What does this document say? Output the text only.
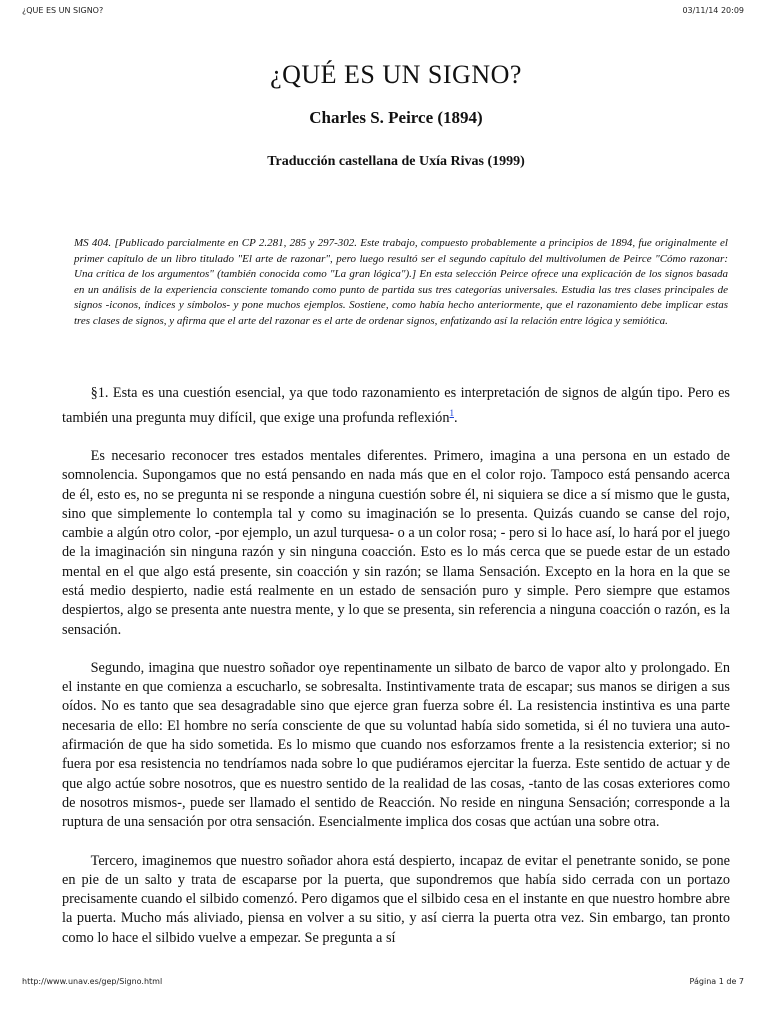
¿QUE ES UN SIGNO?	03/11/14 20:09
¿QUÉ ES UN SIGNO?
Charles S. Peirce (1894)
Traducción castellana de Uxía Rivas (1999)
MS 404. [Publicado parcialmente en CP 2.281, 285 y 297-302. Este trabajo, compuesto probablemente a principios de 1894, fue originalmente el primer capítulo de un libro titulado "El arte de razonar", pero luego resultó ser el segundo capítulo del multivolumen de Peirce "Cómo razonar: Una crítica de los argumentos" (también conocida como "La gran lógica").] En esta selección Peirce ofrece una explicación de los signos basada en un análisis de la experiencia consciente tomando como punto de partida sus tres categorías universales. Estudia las tres clases principales de signos -iconos, índices y símbolos- y pone muchos ejemplos. Sostiene, como había hecho anteriormente, que el razonamiento debe implicar estas tres clases de signos, y afirma que el arte del razonar es el arte de ordenar signos, enfatizando así la relación entre lógica y semiótica.

§1. Esta es una cuestión esencial, ya que todo razonamiento es interpretación de signos de algún tipo. Pero es también una pregunta muy difícil, que exige una profunda reflexión$^1$.

Es necesario reconocer tres estados mentales diferentes. Primero, imagina a una persona en un estado de somnolencia. Supongamos que no está pensando en nada más que en el color rojo. Tampoco está pensando acerca de él, esto es, no se pregunta ni se responde a ninguna cuestión sobre él, ni siquiera se dice a sí mismo que le gusta, sino que simplemente lo contempla tal y como su imaginación se lo presenta. Quizás cuando se canse del rojo, cambie a algún otro color, -por ejemplo, un azul turquesa- o a un color rosa; - pero si lo hace así, lo hará por el juego de la imaginación sin ninguna razón y sin ninguna coacción. Esto es lo más cerca que se puede estar de un estado mental en el que algo está presente, sin coacción y sin razón; se llama Sensación. Excepto en la hora en la que se está medio despierto, nadie está realmente en un estado de sensación puro y simple. Pero siempre que estamos despiertos, algo se presenta ante nuestra mente, y lo que se presenta, sin referencia a ninguna coacción o razón, es la sensación.

Segundo, imagina que nuestro soñador oye repentinamente un silbato de barco de vapor alto y prolongado. En el instante en que comienza a escucharlo, se sobresalta. Instintivamente trata de escapar; sus manos se dirigen a sus oídos. No es tanto que sea desagradable sino que ejerce gran fuerza sobre él. La resistencia instintiva es una parte necesaria de ello: El hombre no sería consciente de que su voluntad había sido sometida, si él no tuviera una auto-afirmación de que ha sido sometida. Es lo mismo que cuando nos esforzamos frente a la resistencia exterior; si no fuera por esa resistencia no tendríamos nada sobre lo que pudiéramos ejercitar la fuerza. Este sentido de actuar y de que algo actúe sobre nosotros, que es nuestro sentido de la realidad de las cosas, -tanto de las cosas exteriores como de nosotros mismos-, puede ser llamado el sentido de Reacción. No reside en ninguna Sensación; corresponde a la ruptura de una sensación por otra sensación. Esencialmente implica dos cosas que actúan una sobre otra.

Tercero, imaginemos que nuestro soñador ahora está despierto, incapaz de evitar el penetrante sonido, se pone en pie de un salto y trata de escaparse por la puerta, que supondremos que había sido cerrada con un portazo precisamente cuando el silbido comenzó. Pero digamos que el silbido cesa en el instante en que nuestro hombre abre la puerta. Mucho más aliviado, piensa en volver a su sitio, y así cierra la puerta otra vez. Sin embargo, tan pronto como lo hace el silbido vuelve a empezar. Se pregunta a sí

http://www.unav.es/gep/Signo.html	Página 1 de 7
